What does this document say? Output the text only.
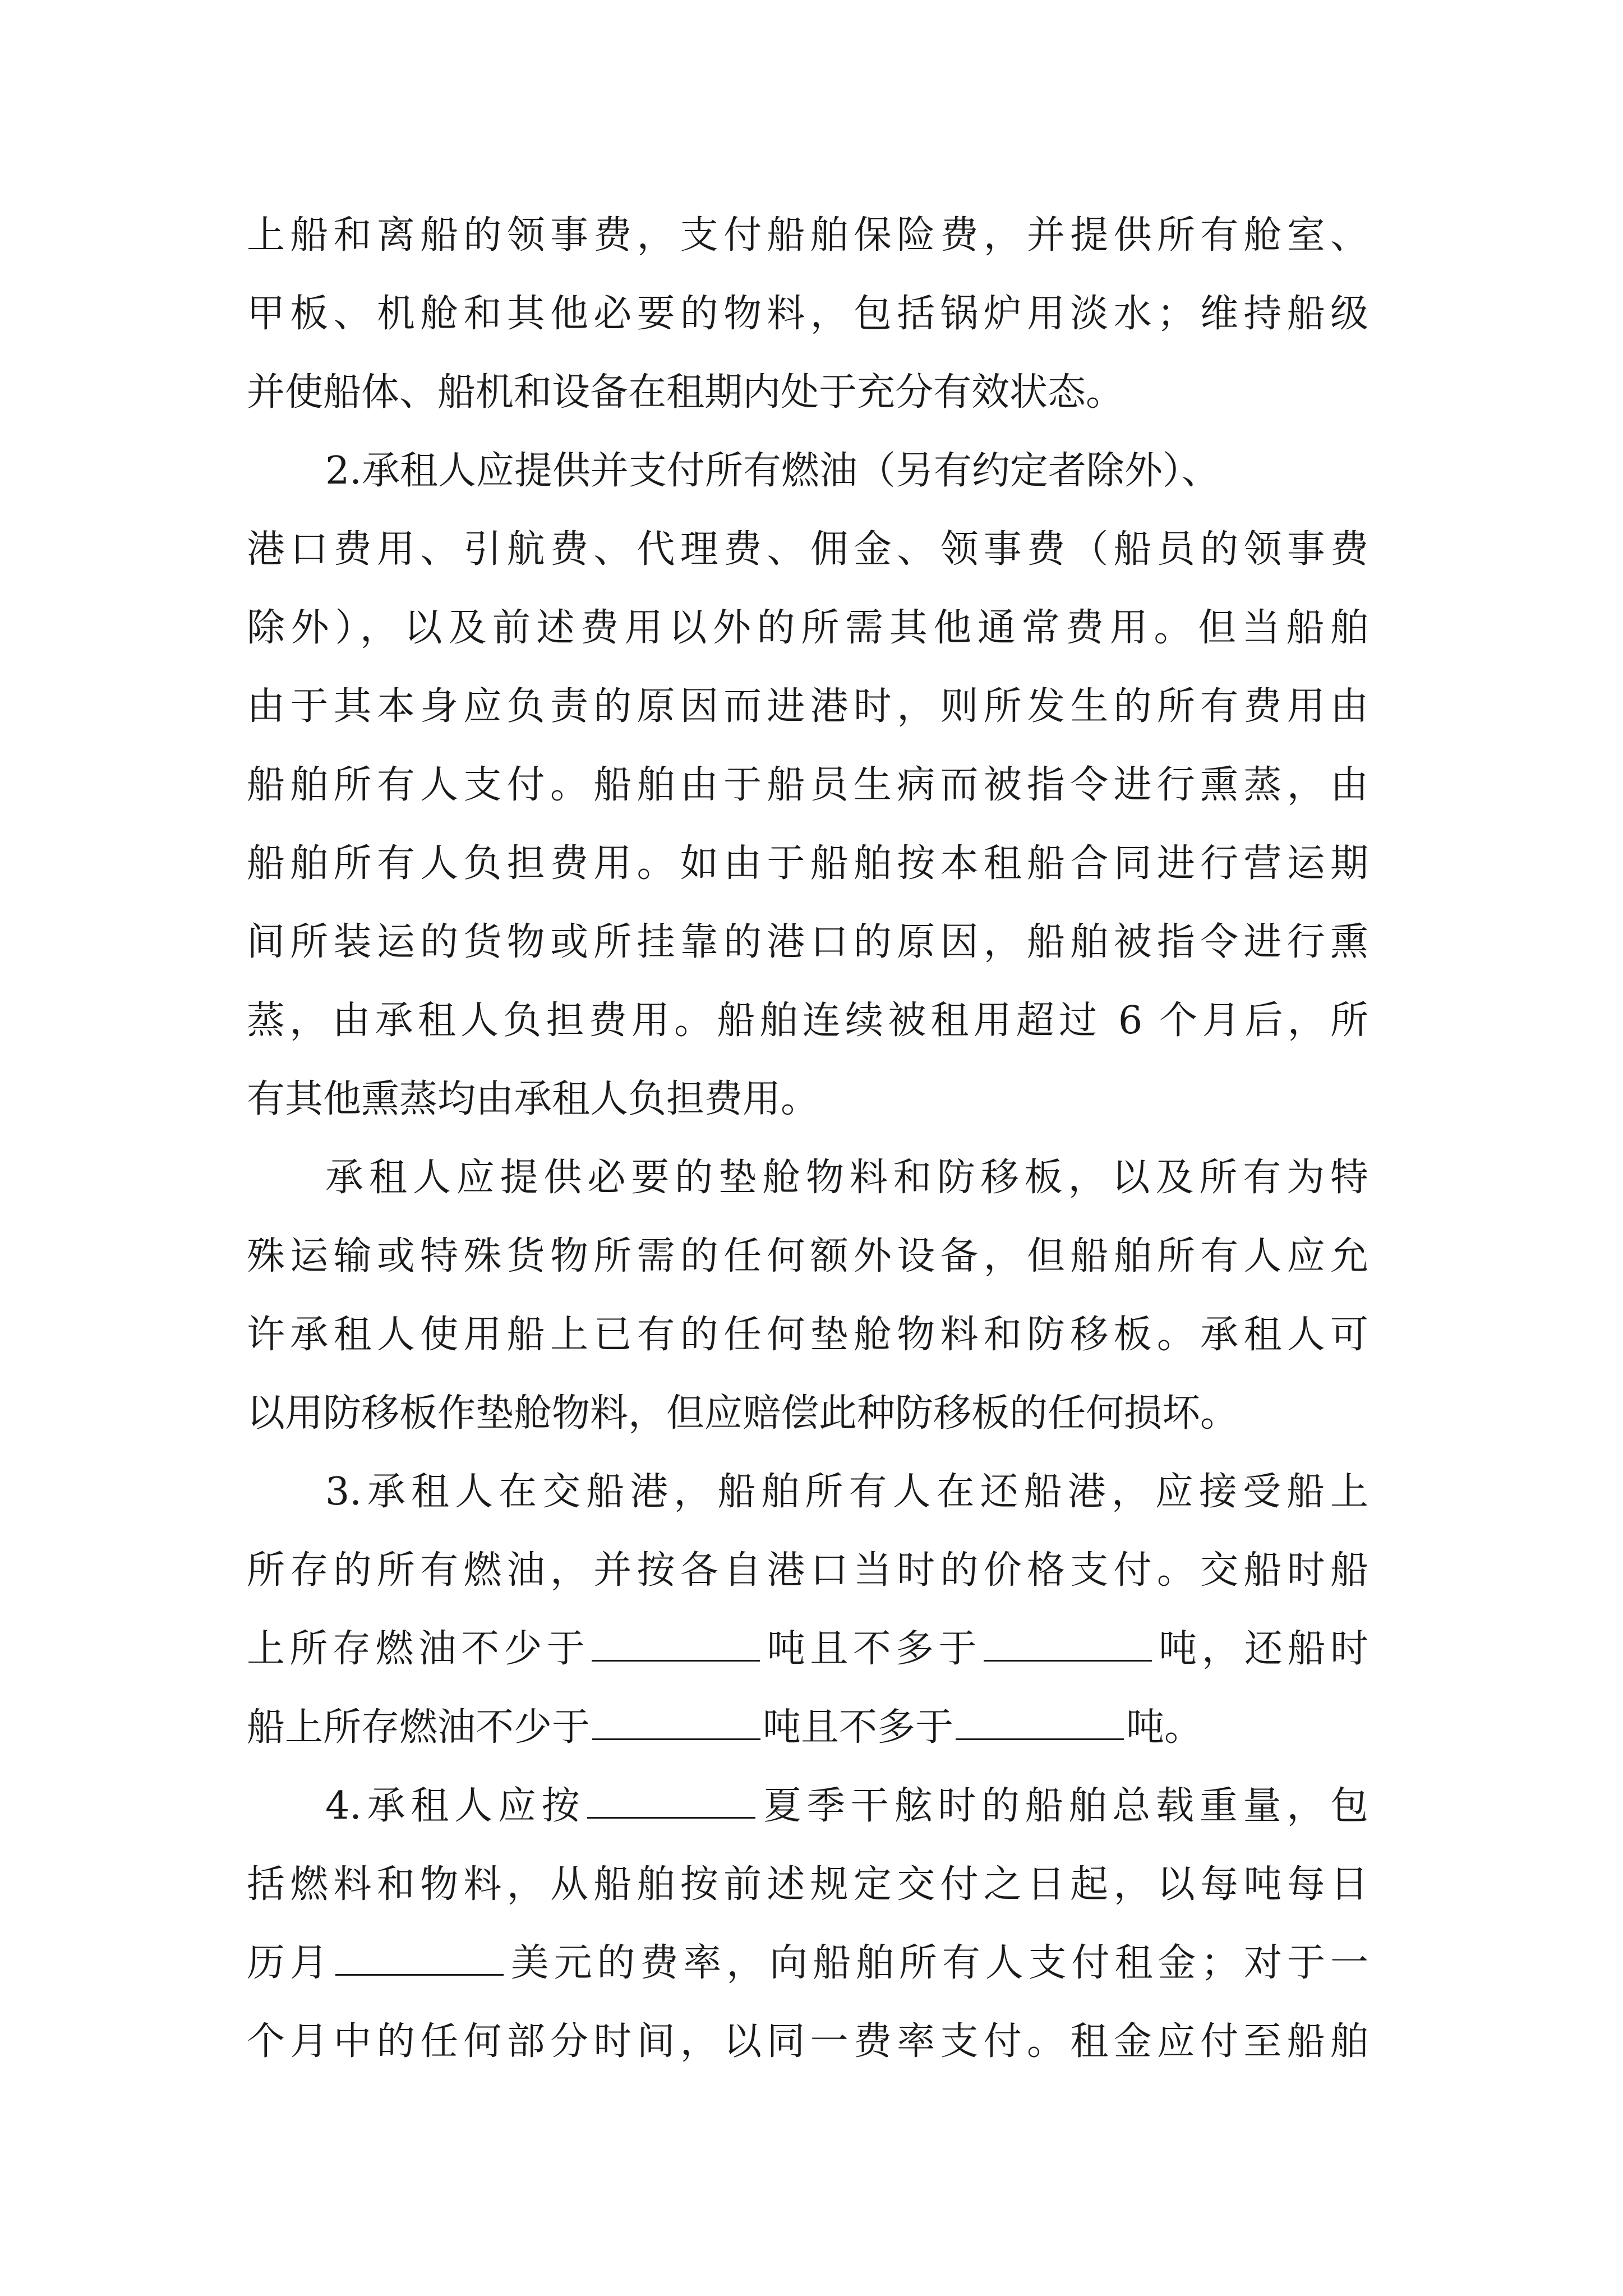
上船和离船的领事费，支付船舶保险费，并提供所有舱室、
甲板、机舱和其他必要的物料，包括锅炉用淡水；维持船级
并使船体、船机和设备在租期内处于充分有效状态。
2.承租人应提供并支付所有燃油（另有约定者除外）、
港口费用、引航费、代理费、佣金、领事费（船员的领事费
除外），以及前述费用以外的所需其他通常费用。但当船舶
由于其本身应负责的原因而进港时，则所发生的所有费用由
船舶所有人支付。船舶由于船员生病而被指令进行熏蒸，由
船舶所有人负担费用。如由于船舶按本租船合同进行营运期
间所装运的货物或所挂靠的港口的原因，船舶被指令进行熏
蒸，由承租人负担费用。船舶连续被租用超过 6 个月后，所
有其他熏蒸均由承租人负担费用。
承租人应提供必要的垫舱物料和防移板，以及所有为特
殊运输或特殊货物所需的任何额外设备，但船舶所有人应允
许承租人使用船上已有的任何垫舱物料和防移板。承租人可
以用防移板作垫舱物料，但应赔偿此种防移板的任何损坏。
3.承租人在交船港，船舶所有人在还船港，应接受船上
所存的所有燃油，并按各自港口当时的价格支付。交船时船
上所存燃油不少于	吨且不多于	吨，还船时
船上所存燃油不少于	吨且不多于	吨。
4.承租人应按	夏季干舷时的船舶总载重量，包
括燃料和物料，从船舶按前述规定交付之日起，以每吨每日
历月	美元的费率，向船舶所有人支付租金；对于一
个月中的任何部分时间，以同一费率支付。租金应付至船舶
